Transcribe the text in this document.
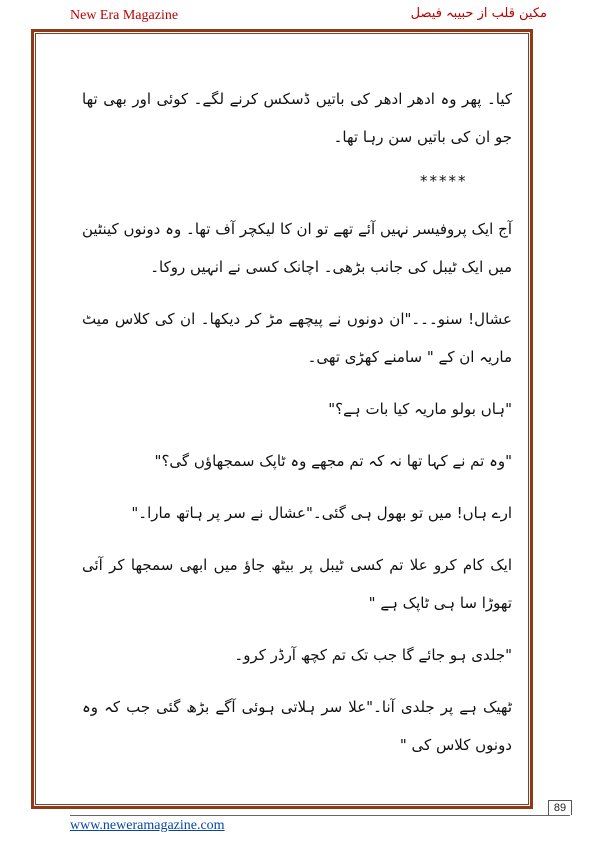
New Era Magazine	مکین قلب از حبیبہ فیصل

کیا۔ پھر وہ ادھر ادھر کی باتیں ڈسکس کرنے لگے۔ کوئی اور بھی تھا جو ان کی باتیں سن رہا تھا۔

*****

آج ایک پروفیسر نہیں آئے تھے تو ان کا لیکچر آف تھا۔ وہ دونوں کینٹین میں ایک ٹیبل کی جانب بڑھی۔ اچانک کسی نے انہیں روکا۔

عشال! سنو۔۔۔"ان دونوں نے پیچھے مڑ کر دیکھا۔ ان کی کلاس میٹ ماریہ ان کے " سامنے کھڑی تھی۔

"ہاں بولو ماریہ کیا بات ہے؟"

"وہ تم نے کہا تھا نہ کہ تم مجھے وہ ٹاپک سمجھاؤں گی؟"

ارے ہاں! میں تو بھول ہی گئی۔"عشال نے سر پر ہاتھ مارا۔"

ایک کام کرو علا تم کسی ٹیبل پر بیٹھ جاؤ میں ابھی سمجھا کر آئی تھوڑا سا ہی ٹاپک ہے "

"جلدی ہو جائے گا جب تک تم کچھ آرڈر کرو۔

ٹھیک ہے پر جلدی آنا۔"علا سر ہلاتی ہوئی آگے بڑھ گئی جب کہ وہ دونوں کلاس کی "

89
www.neweramagazine.com
